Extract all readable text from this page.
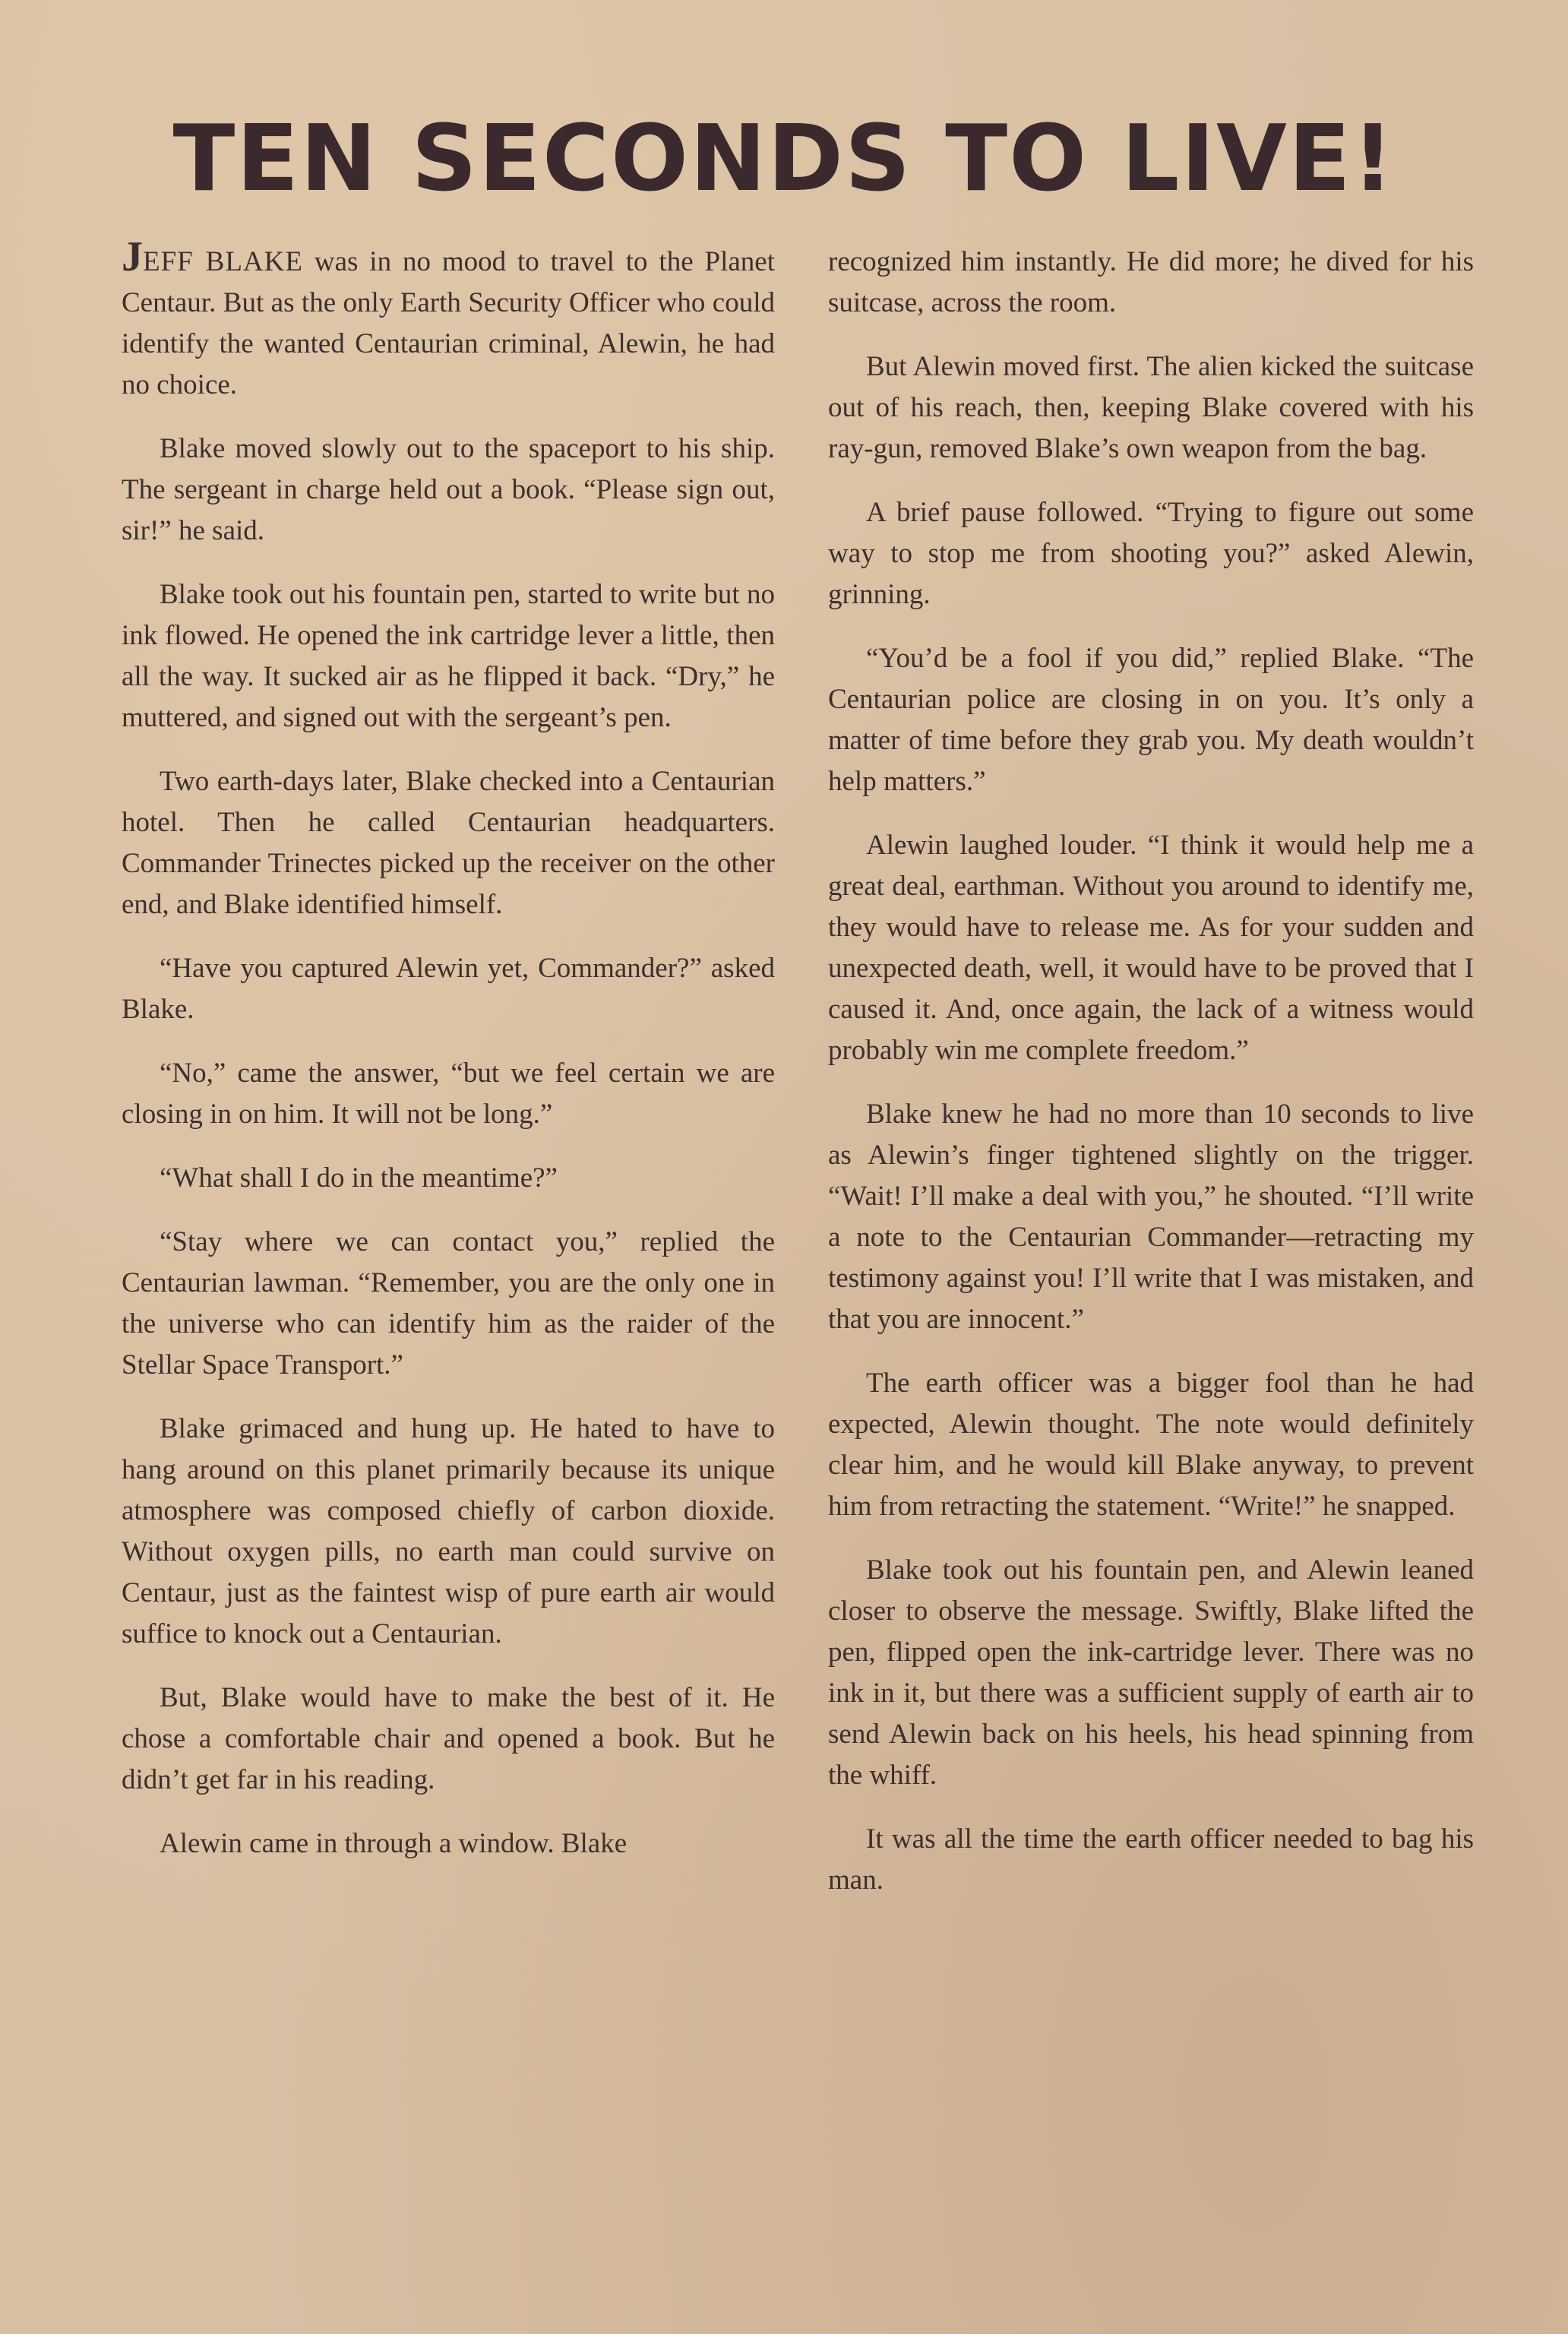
TEN SECONDS TO LIVE!

JEFF BLAKE was in no mood to travel to the Planet Centaur. But as the only Earth Security Officer who could identify the wanted Centaurian criminal, Alewin, he had no choice.

Blake moved slowly out to the spaceport to his ship. The sergeant in charge held out a book. “Please sign out, sir!” he said.

Blake took out his fountain pen, started to write but no ink flowed. He opened the ink cartridge lever a little, then all the way. It sucked air as he flipped it back. “Dry,” he muttered, and signed out with the sergeant’s pen.

Two earth-days later, Blake checked into a Centaurian hotel. Then he called Centaurian headquarters. Commander Trinectes picked up the receiver on the other end, and Blake identified himself.

“Have you captured Alewin yet, Commander?” asked Blake.

“No,” came the answer, “but we feel certain we are closing in on him. It will not be long.”

“What shall I do in the meantime?”

“Stay where we can contact you,” replied the Centaurian lawman. “Remember, you are the only one in the universe who can identify him as the raider of the Stellar Space Transport.”

Blake grimaced and hung up. He hated to have to hang around on this planet primarily because its unique atmosphere was composed chiefly of carbon dioxide. Without oxygen pills, no earth man could survive on Centaur, just as the faintest wisp of pure earth air would suffice to knock out a Centaurian.

But, Blake would have to make the best of it. He chose a comfortable chair and opened a book. But he didn’t get far in his reading.

Alewin came in through a window. Blake

recognized him instantly. He did more; he dived for his suitcase, across the room.

But Alewin moved first. The alien kicked the suitcase out of his reach, then, keeping Blake covered with his ray-gun, removed Blake’s own weapon from the bag.

A brief pause followed. “Trying to figure out some way to stop me from shooting you?” asked Alewin, grinning.

“You’d be a fool if you did,” replied Blake. “The Centaurian police are closing in on you. It’s only a matter of time before they grab you. My death wouldn’t help matters.”

Alewin laughed louder. “I think it would help me a great deal, earthman. Without you around to identify me, they would have to release me. As for your sudden and unexpected death, well, it would have to be proved that I caused it. And, once again, the lack of a witness would probably win me complete freedom.”

Blake knew he had no more than 10 seconds to live as Alewin’s finger tightened slightly on the trigger. “Wait! I’ll make a deal with you,” he shouted. “I’ll write a note to the Centaurian Commander—retracting my testimony against you! I’ll write that I was mistaken, and that you are innocent.”

The earth officer was a bigger fool than he had expected, Alewin thought. The note would definitely clear him, and he would kill Blake anyway, to prevent him from retracting the statement. “Write!” he snapped.

Blake took out his fountain pen, and Alewin leaned closer to observe the message. Swiftly, Blake lifted the pen, flipped open the ink-cartridge lever. There was no ink in it, but there was a sufficient supply of earth air to send Alewin back on his heels, his head spinning from the whiff.

It was all the time the earth officer needed to bag his man.
